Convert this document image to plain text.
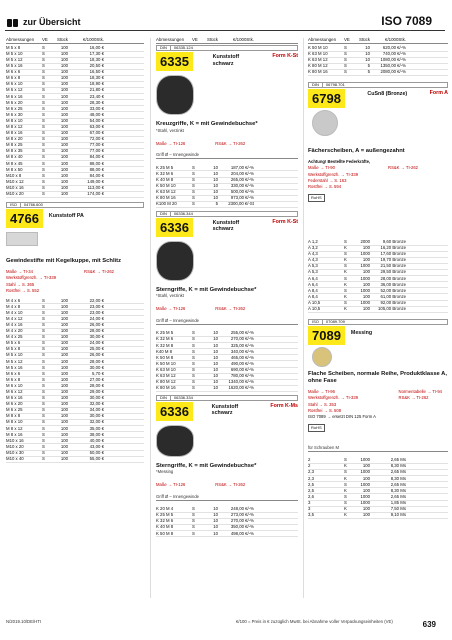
zur Übersicht	ISO 7089
Abmessungen	VE	Stück	€/1000Stk.
M 5 x 8	S	100	16,00 €
M 5 x 10	S	100	17,30 €
M 5 x 12	S	100	18,30 €
M 5 x 16	S	100	20,50 €
M 6 x 6	S	100	16,50 €
M 6 x 8	S	100	18,30 €
M 6 x 10	S	100	18,90 €
M 6 x 12	S	100	21,80 €
M 6 x 16	S	100	23,40 €
M 6 x 20	S	100	28,30 €
M 6 x 25	S	100	33,00 €
M 6 x 30	S	100	48,00 €
M 8 x 10	S	100	54,00 €
M 8 x 12	S	100	63,00 €
M 8 x 16	S	100	67,00 €
M 8 x 20	S	100	72,00 €
M 8 x 25	S	100	77,00 €
M 8 x 35	S	100	77,00 €
M 8 x 40	S	100	84,00 €
M 8 x 45	S	100	88,00 €
M 8 x 50	S	100	88,00 €
M10 x 8	S	100	84,00 €
M10 x 12	S	100	149,00 €
M10 x 16	S	100	113,00 €
M10 x 20	S	100	174,00 €
ISO	04766.600
4766	Kunststoff PA
Gewindestifte mit Kegelkuppe, mit Schlitz
Maße → TI-34
Werkstoffgrenzh. → TI-339
Stahl → S. 365
Rostfrei → S. 552
RS&K → TI-262
M 4 x 6	S	100	22,00 €
M 4 x 8	S	100	23,00 €
M 4 x 10	S	100	23,00 €
M 4 x 12	S	100	24,00 €
M 4 x 16	S	100	26,00 €
M 4 x 20	S	100	28,00 €
M 4 x 25	S	100	30,00 €
M 5 x 6	S	100	24,00 €
M 5 x 8	S	100	25,00 €
M 5 x 10	S	100	26,00 €
M 5 x 12	S	100	28,00 €
M 5 x 16	S	100	30,00 €
M 6 x 6	S	100	5,70 €
M 6 x 8	S	100	27,00 €
M 6 x 10	S	100	28,00 €
M 6 x 12	S	100	29,00 €
M 6 x 16	S	100	30,00 €
M 6 x 20	S	100	32,00 €
M 6 x 25	S	100	34,00 €
M 8 x 8	S	100	30,00 €
M 8 x 10	S	100	32,00 €
M 8 x 12	S	100	35,00 €
M 8 x 16	S	100	38,00 €
M10 x 16	S	100	40,00 €
M10 x 20	S	100	43,00 €
M10 x 30	S	100	50,00 €
M10 x 40	S	100	55,00 €
Abmessungen	VE	Stück	€/1000Stk.
DIN	06335.124
6335	Kunststoff schwarz
Form K-St
Kreuzgriffe, K = mit Gewindebuchse*
*Stahl, verzinkt
Maße → TI-126	RS&K → TI-262
Griff Ø – Innengewinde
K 25 M 5	S	10	187,00 €/-%
K 32 M 6	S	10	204,00 €/-%
K 40 M 8	S	10	265,00 €/-%
K 50 M 10	S	10	330,00 €/-%
K 63 M 12	S	10	500,00 €/-%
K 80 M 16	S	10	973,00 €/-%
K100 M 20	S	5	2300,00 €/-St
DIN	06336.344
6336	Kunststoff schwarz
Form K-St
Sterngriffe, K = mit Gewindebuchse*
*Stahl, verzinkt
Maße → TI-126	RS&K → TI-262
Griff Ø – Innengewinde
K 25 M 5	S	10	255,00 €/-%
K 32 M 6	S	10	270,00 €/-%
K 32 M 8	S	10	325,00 €/-%
K40 M 8	S	10	340,00 €/-%
K 50 M 8	S	10	465,00 €/-%
K 50 M 10	S	10	490,00 €/-%
K 63 M 10	S	10	690,00 €/-%
K 63 M 12	S	10	780,00 €/-%
K 80 M 12	S	10	1340,00 €/-%
K 80 M 16	S	10	1620,00 €/-%
DIN	06336.334
6336	Kunststoff schwarz
Form K-Ms
Sterngriffe, K = mit Gewindebuchse*
*Messing
Maße → TI-126	RS&K → TI-262
Griff Ø – Innengewinde
K 20 M 4	S	10	248,00 €/-%
K 25 M 5	S	10	273,00 €/-%
K 32 M 6	S	10	270,00 €/-%
K 40 M 8	S	10	350,00 €/-%
K 50 M 8	S	10	498,00 €/-%
Abmessungen	VE	Stück	€/1000Stk.
K 50 M 10	S	10	620,00 €/-%
K 63 M 10	S	10	740,00 €/-%
K 63 M 12	S	10	1080,00 €/-%
K 80 M 12	S	5	1350,00 €/-%
K 80 M 16	S	5	2080,00 €/-%
DIN	06798.701
6798	CuSn8 (Bronze)	Form A
Fächerscheiben, A = außengezahnt
Achtung! Bestellte Federkräfte,
Maße → TI-90
Werkstoffgrenzh. → TI-339
Federstahl → S. 163
Rostfrei → S. 594
RS&K → TI-262
RoHS
A 1,2	S	2000	9,60 Bronze
A 3,2	K	100	16,20 Bronze
A 4,3	S	1000	17,60 Bronze
A 4,3	K	100	19,70 Bronze
A 5,3	S	1000	21,50 Bronze
A 5,3	K	100	29,50 Bronze
A 6,4	S	1000	28,00 Bronze
A 6,4	K	100	36,00 Bronze
A 8,4	S	1000	52,00 Bronze
A 8,4	K	100	61,00 Bronze
A 10,5	S	1000	92,00 Bronze
A 10,5	K	100	105,00 Bronze
ISO	07089.709
7089	Messing
Flache Scheiben, normale Reihe, Produktklasse A, ohne Fase
Maße → TI-96
Werkstoffgrenzh. → TI-339
Stahl → S. 353
Rostfrei → S. 508
ISO 7089 → ersetzt DIN 125 Form A
Normentabelle → TI-94
RS&K → TI-262
RoHS
für Schrauben M
2	S	1000	2,65 Ms
2	K	100	8,30 Ms
2,3	S	1000	2,65 Ms
2,3	K	100	8,30 Ms
2,5	S	1000	2,65 Ms
2,5	K	100	8,30 Ms
2,6	S	1000	2,65 Ms
3	S	1000	1,85 Ms
3	K	100	7,50 Ms
3,5	K	100	9,10 Ms
N/2019.10/DE/HTI	€/100 = Preis in € zuzüglich MwSt. bei Abnahme voller Verpackungseinheiten (VE)	639
